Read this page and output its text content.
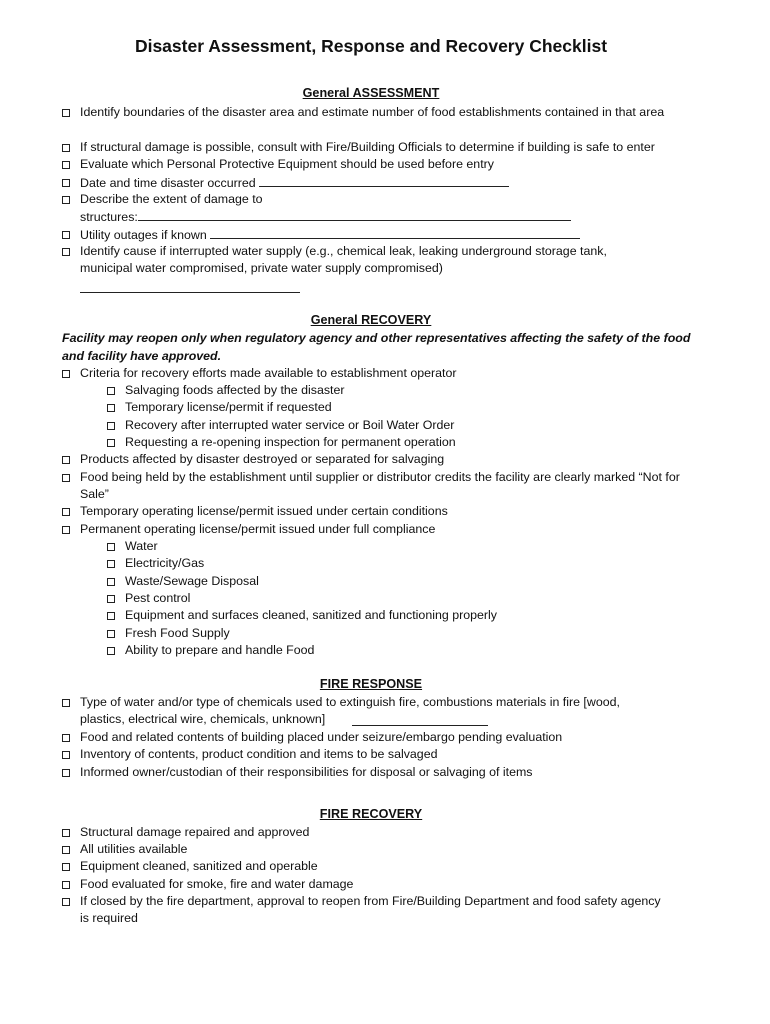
Disaster Assessment, Response and Recovery Checklist
General ASSESSMENT
Identify boundaries of the disaster area and estimate number of food establishments contained in that area
If structural damage is possible, consult with Fire/Building Officials to determine if building is safe to enter
Evaluate which Personal Protective Equipment should be used before entry
Date and time disaster occurred
Describe the extent of damage to
structures:
Utility outages if known
Identify cause if interrupted water supply (e.g., chemical leak, leaking underground storage tank, municipal water compromised, private water supply compromised)
General RECOVERY
Facility may reopen only when regulatory agency and other representatives affecting the safety of the food and facility have approved.
Criteria for recovery efforts made available to establishment operator
Salvaging foods affected by the disaster
Temporary license/permit if requested
Recovery after interrupted water service or Boil Water Order
Requesting a re-opening inspection for permanent operation
Products affected by disaster destroyed or separated for salvaging
Food being held by the establishment until supplier or distributor credits the facility are clearly marked “Not for Sale”
Temporary operating license/permit issued under certain conditions
Permanent operating license/permit issued under full compliance
Water
Electricity/Gas
Waste/Sewage Disposal
Pest control
Equipment and surfaces cleaned, sanitized and functioning properly
Fresh Food Supply
Ability to prepare and handle Food
FIRE RESPONSE
Type of water and/or type of chemicals used to extinguish fire, combustions materials in fire [wood, plastics, electrical wire, chemicals, unknown]
Food and related contents of building placed under seizure/embargo pending evaluation
Inventory of contents, product condition and items to be salvaged
Informed owner/custodian of their responsibilities for disposal or salvaging of items
FIRE RECOVERY
Structural damage repaired and approved
All utilities available
Equipment cleaned, sanitized and operable
Food evaluated for smoke, fire and water damage
If closed by the fire department, approval to reopen from Fire/Building Department and food safety agency is required
